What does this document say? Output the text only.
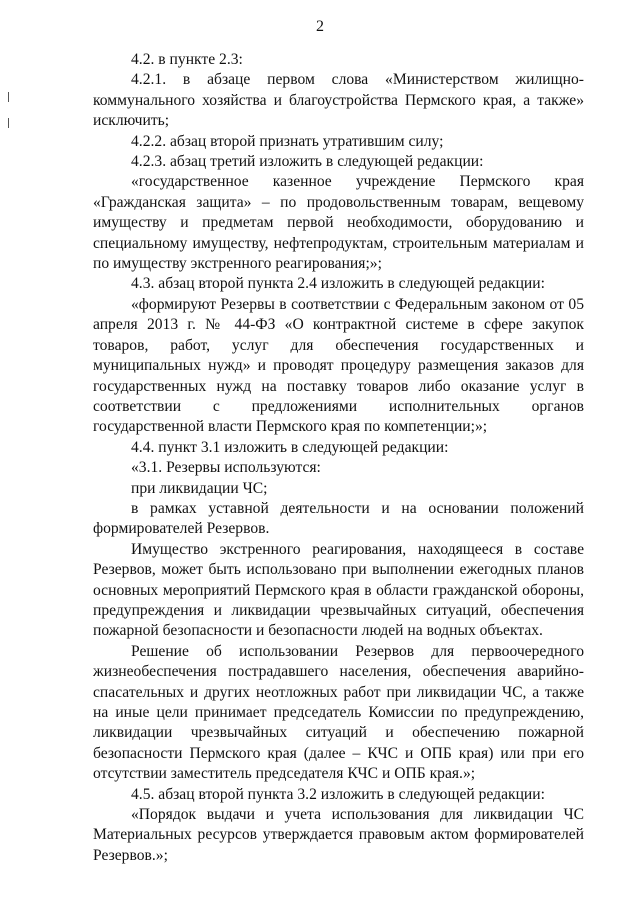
2

4.2. в пункте 2.3:

4.2.1. в абзаце первом слова «Министерством жилищно-коммунального хозяйства и благоустройства Пермского края, а также» исключить;

4.2.2. абзац второй признать утратившим силу;

4.2.3. абзац третий изложить в следующей редакции:

«государственное казенное учреждение Пермского края «Гражданская защита» – по продовольственным товарам, вещевому имуществу и предметам первой необходимости, оборудованию и специальному имуществу, нефтепродуктам, строительным материалам и по имуществу экстренного реагирования;»;

4.3. абзац второй пункта 2.4 изложить в следующей редакции:

«формируют Резервы в соответствии с Федеральным законом от 05 апреля 2013 г. № 44-ФЗ «О контрактной системе в сфере закупок товаров, работ, услуг для обеспечения государственных и муниципальных нужд» и проводят процедуру размещения заказов для государственных нужд на поставку товаров либо оказание услуг в соответствии с предложениями исполнительных органов государственной власти Пермского края по компетенции;»;

4.4. пункт 3.1 изложить в следующей редакции:

«3.1. Резервы используются:

при ликвидации ЧС;

в рамках уставной деятельности и на основании положений формирователей Резервов.

Имущество экстренного реагирования, находящееся в составе Резервов, может быть использовано при выполнении ежегодных планов основных мероприятий Пермского края в области гражданской обороны, предупреждения и ликвидации чрезвычайных ситуаций, обеспечения пожарной безопасности и безопасности людей на водных объектах.

Решение об использовании Резервов для первоочередного жизнеобеспечения пострадавшего населения, обеспечения аварийно-спасательных и других неотложных работ при ликвидации ЧС, а также на иные цели принимает председатель Комиссии по предупреждению, ликвидации чрезвычайных ситуаций и обеспечению пожарной безопасности Пермского края (далее – КЧС и ОПБ края) или при его отсутствии заместитель председателя КЧС и ОПБ края.»;

4.5. абзац второй пункта 3.2 изложить в следующей редакции:

«Порядок выдачи и учета использования для ликвидации ЧС Материальных ресурсов утверждается правовым актом формирователей Резервов.»;
